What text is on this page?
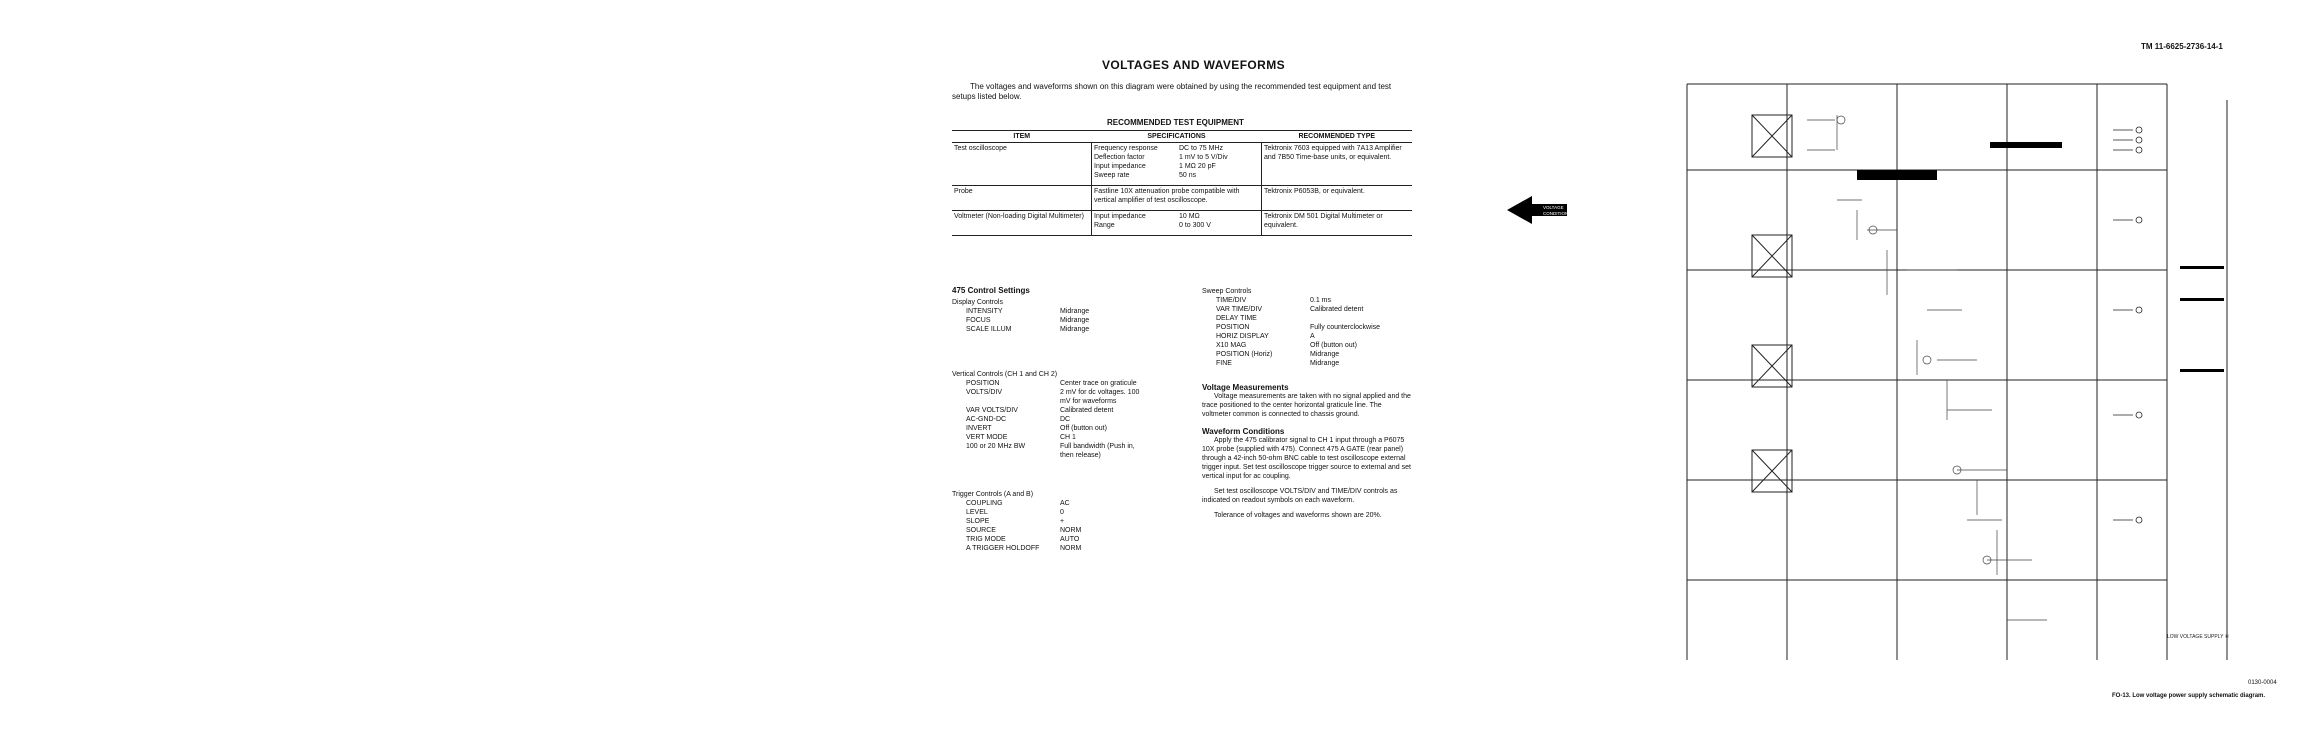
TM 11-6625-2736-14-1
VOLTAGES AND WAVEFORMS
The voltages and waveforms shown on this diagram were obtained by using the recommended test equipment and test setups listed below.
RECOMMENDED TEST EQUIPMENT
ITEM	SPECIFICATIONS	RECOMMENDED TYPE
Test oscilloscope	Frequency response DC to 75 MHz
Deflection factor 1 mV to 5 V/Div
Input impedance 1 MΩ 20 pF
Sweep rate 50 ns	Tektronix 7603 equipped with 7A13 Amplifier and 7B50 Time-base units, or equivalent.
Probe	Fastline 10X attenuation probe compatible with vertical amplifier of test oscilloscope.	Tektronix P6053B, or equivalent.
Voltmeter (Non-loading Digital Multimeter)	Input impedance 10 MΩ
Range 0 to 300 V	Tektronix DM 501 Digital Multimeter or equivalent.
475 Control Settings
Display Controls
INTENSITY	Midrange
FOCUS	Midrange
SCALE ILLUM	Midrange
Vertical Controls (CH 1 and CH 2)
POSITION	Center trace on graticule
VOLTS/DIV	2 mV for dc voltages. 100 mV for waveforms
VAR VOLTS/DIV	Calibrated detent
AC-GND-DC	DC
INVERT	Off (button out)
VERT MODE	CH 1
100 or 20 MHz BW	Full bandwidth (Push in, then release)
Trigger Controls (A and B)
COUPLING	AC
LEVEL	0
SLOPE	+
SOURCE	NORM
TRIG MODE	AUTO
A TRIGGER HOLDOFF	NORM
Sweep Controls
TIME/DIV	0.1 ms
VAR TIME/DIV	Calibrated detent
DELAY TIME
POSITION	Fully counterclockwise
HORIZ DISPLAY	A
X10 MAG	Off (button out)
POSITION (Horiz)	Midrange
FINE	Midrange
Voltage Measurements

Voltage measurements are taken with no signal applied and the trace positioned to the center horizontal graticule line. The voltmeter common is connected to chassis ground.

Waveform Conditions

Apply the 475 calibrator signal to CH 1 input through a P6075 10X probe (supplied with 475). Connect 475 A GATE (rear panel) through a 42-inch 50-ohm BNC cable to test oscilloscope external trigger input. Set test oscilloscope trigger source to external and set vertical input for ac coupling.

Set test oscilloscope VOLTS/DIV and TIME/DIV controls as indicated on readout symbols on each waveform.

Tolerance of voltages and waveforms shown are 20%.

VOLTAGE
CONDITIONS
LOW VOLTAGE SUPPLY ⑥
0130-0004
FO-13. Low voltage power supply schematic diagram.
